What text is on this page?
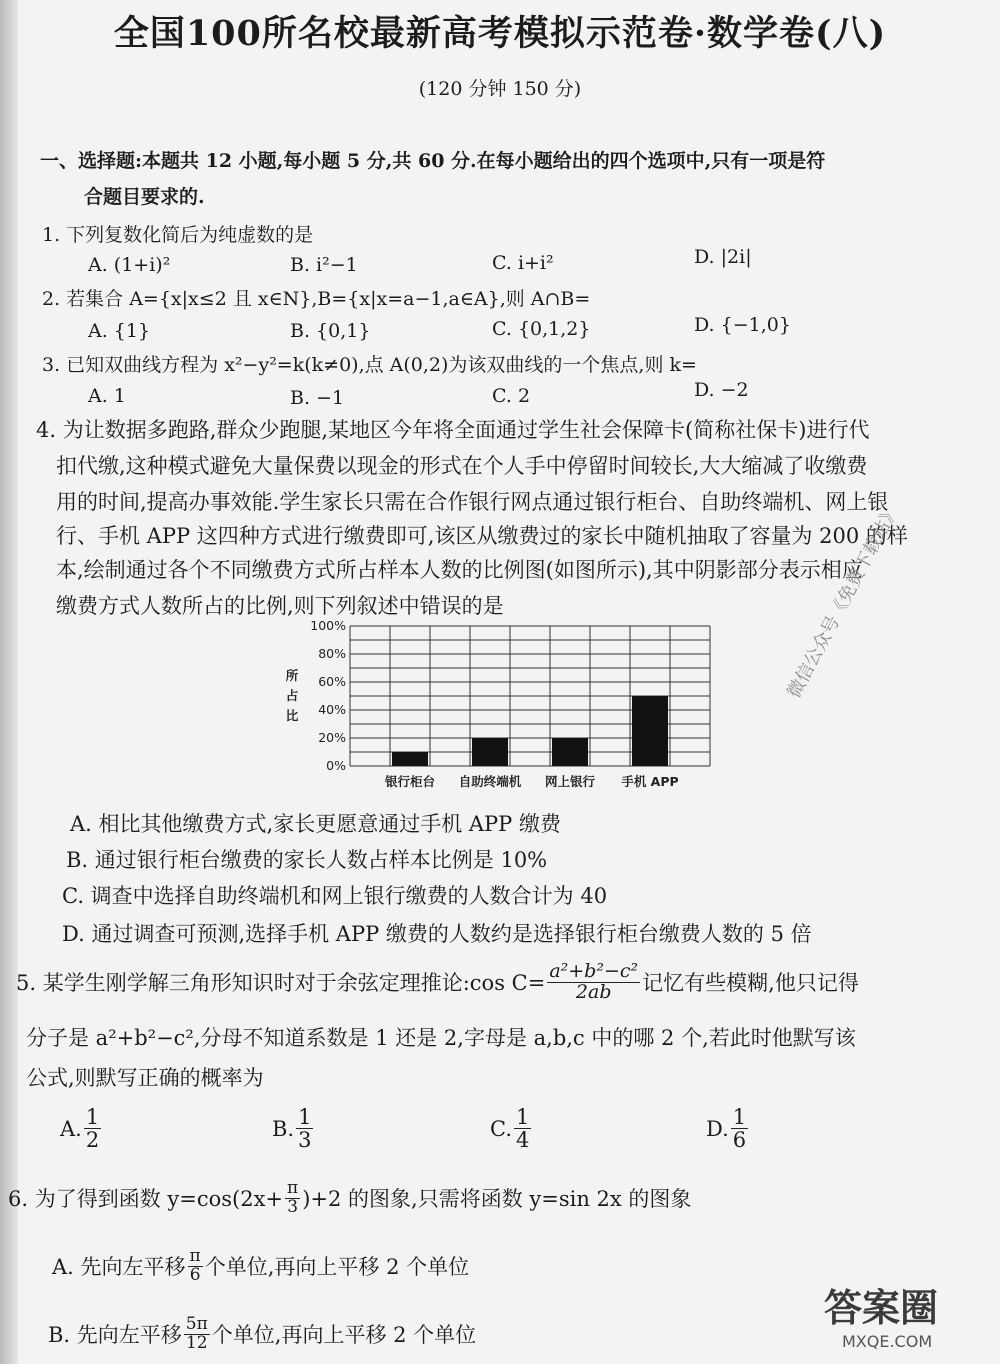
全国100所名校最新高考模拟示范卷·数学卷(八)
(120 分钟 150 分)
一、选择题:本题共 12 小题,每小题 5 分,共 60 分.在每小题给出的四个选项中,只有一项是符
合题目要求的.
1. 下列复数化简后为纯虚数的是
A. (1+i)²	B. i²−1	C. i+i²	D. |2i|
2. 若集合 A={x|x≤2 且 x∈N},B={x|x=a−1,a∈A},则 A∩B=
A. {1}	B. {0,1}	C. {0,1,2}	D. {−1,0}
3. 已知双曲线方程为 x²−y²=k(k≠0),点 A(0,2)为该双曲线的一个焦点,则 k=
A. 1	B. −1	C. 2	D. −2
4. 为让数据多跑路,群众少跑腿,某地区今年将全面通过学生社会保障卡(简称社保卡)进行代
扣代缴,这种模式避免大量保费以现金的形式在个人手中停留时间较长,大大缩减了收缴费
用的时间,提高办事效能.学生家长只需在合作银行网点通过银行柜台、自助终端机、网上银
行、手机 APP 这四种方式进行缴费即可,该区从缴费过的家长中随机抽取了容量为 200 的样
本,绘制通过各个不同缴费方式所占样本人数的比例图(如图所示),其中阴影部分表示相应
缴费方式人数所占的比例,则下列叙述中错误的是
0%
20%
40%
60%
80%
100%
所
占
比
银行柜台 自助终端机 网上银行 手机 APP
微信公众号《免费下载站》
A. 相比其他缴费方式,家长更愿意通过手机 APP 缴费
B. 通过银行柜台缴费的家长人数占样本比例是 10%
C. 调查中选择自助终端机和网上银行缴费的人数合计为 40
D. 通过调查可预测,选择手机 APP 缴费的人数约是选择银行柜台缴费人数的 5 倍
5. 某学生刚学解三角形知识时对于余弦定理推论:cos $C= \frac{\text{a²+b²−c²}}{2ab}$ 记忆有些模糊,他只记得
分子是 a²+b²−c²,分母不知道系数是 1 还是 2,字母是 a,b,c 中的哪 2 个,若此时他默写该
公式,则默写正确的概率为
A. $\frac{1}{2}$	B. $\frac{1}{3}$	C. $\frac{1}{4}$	D. $\frac{1}{6}$
6. 为了得到函数 $y=\cos(2x+ \frac{\pi}{3} )+2$ 的图象,只需将函数 y=sin 2x 的图象
A. 先向左平移 $\frac{\pi}{6}$ 个单位,再向上平移 2 个单位
B. 先向左平移 $\frac{5\pi}{12}$ 个单位,再向上平移 2 个单位
答案圈
MXQE.COM
